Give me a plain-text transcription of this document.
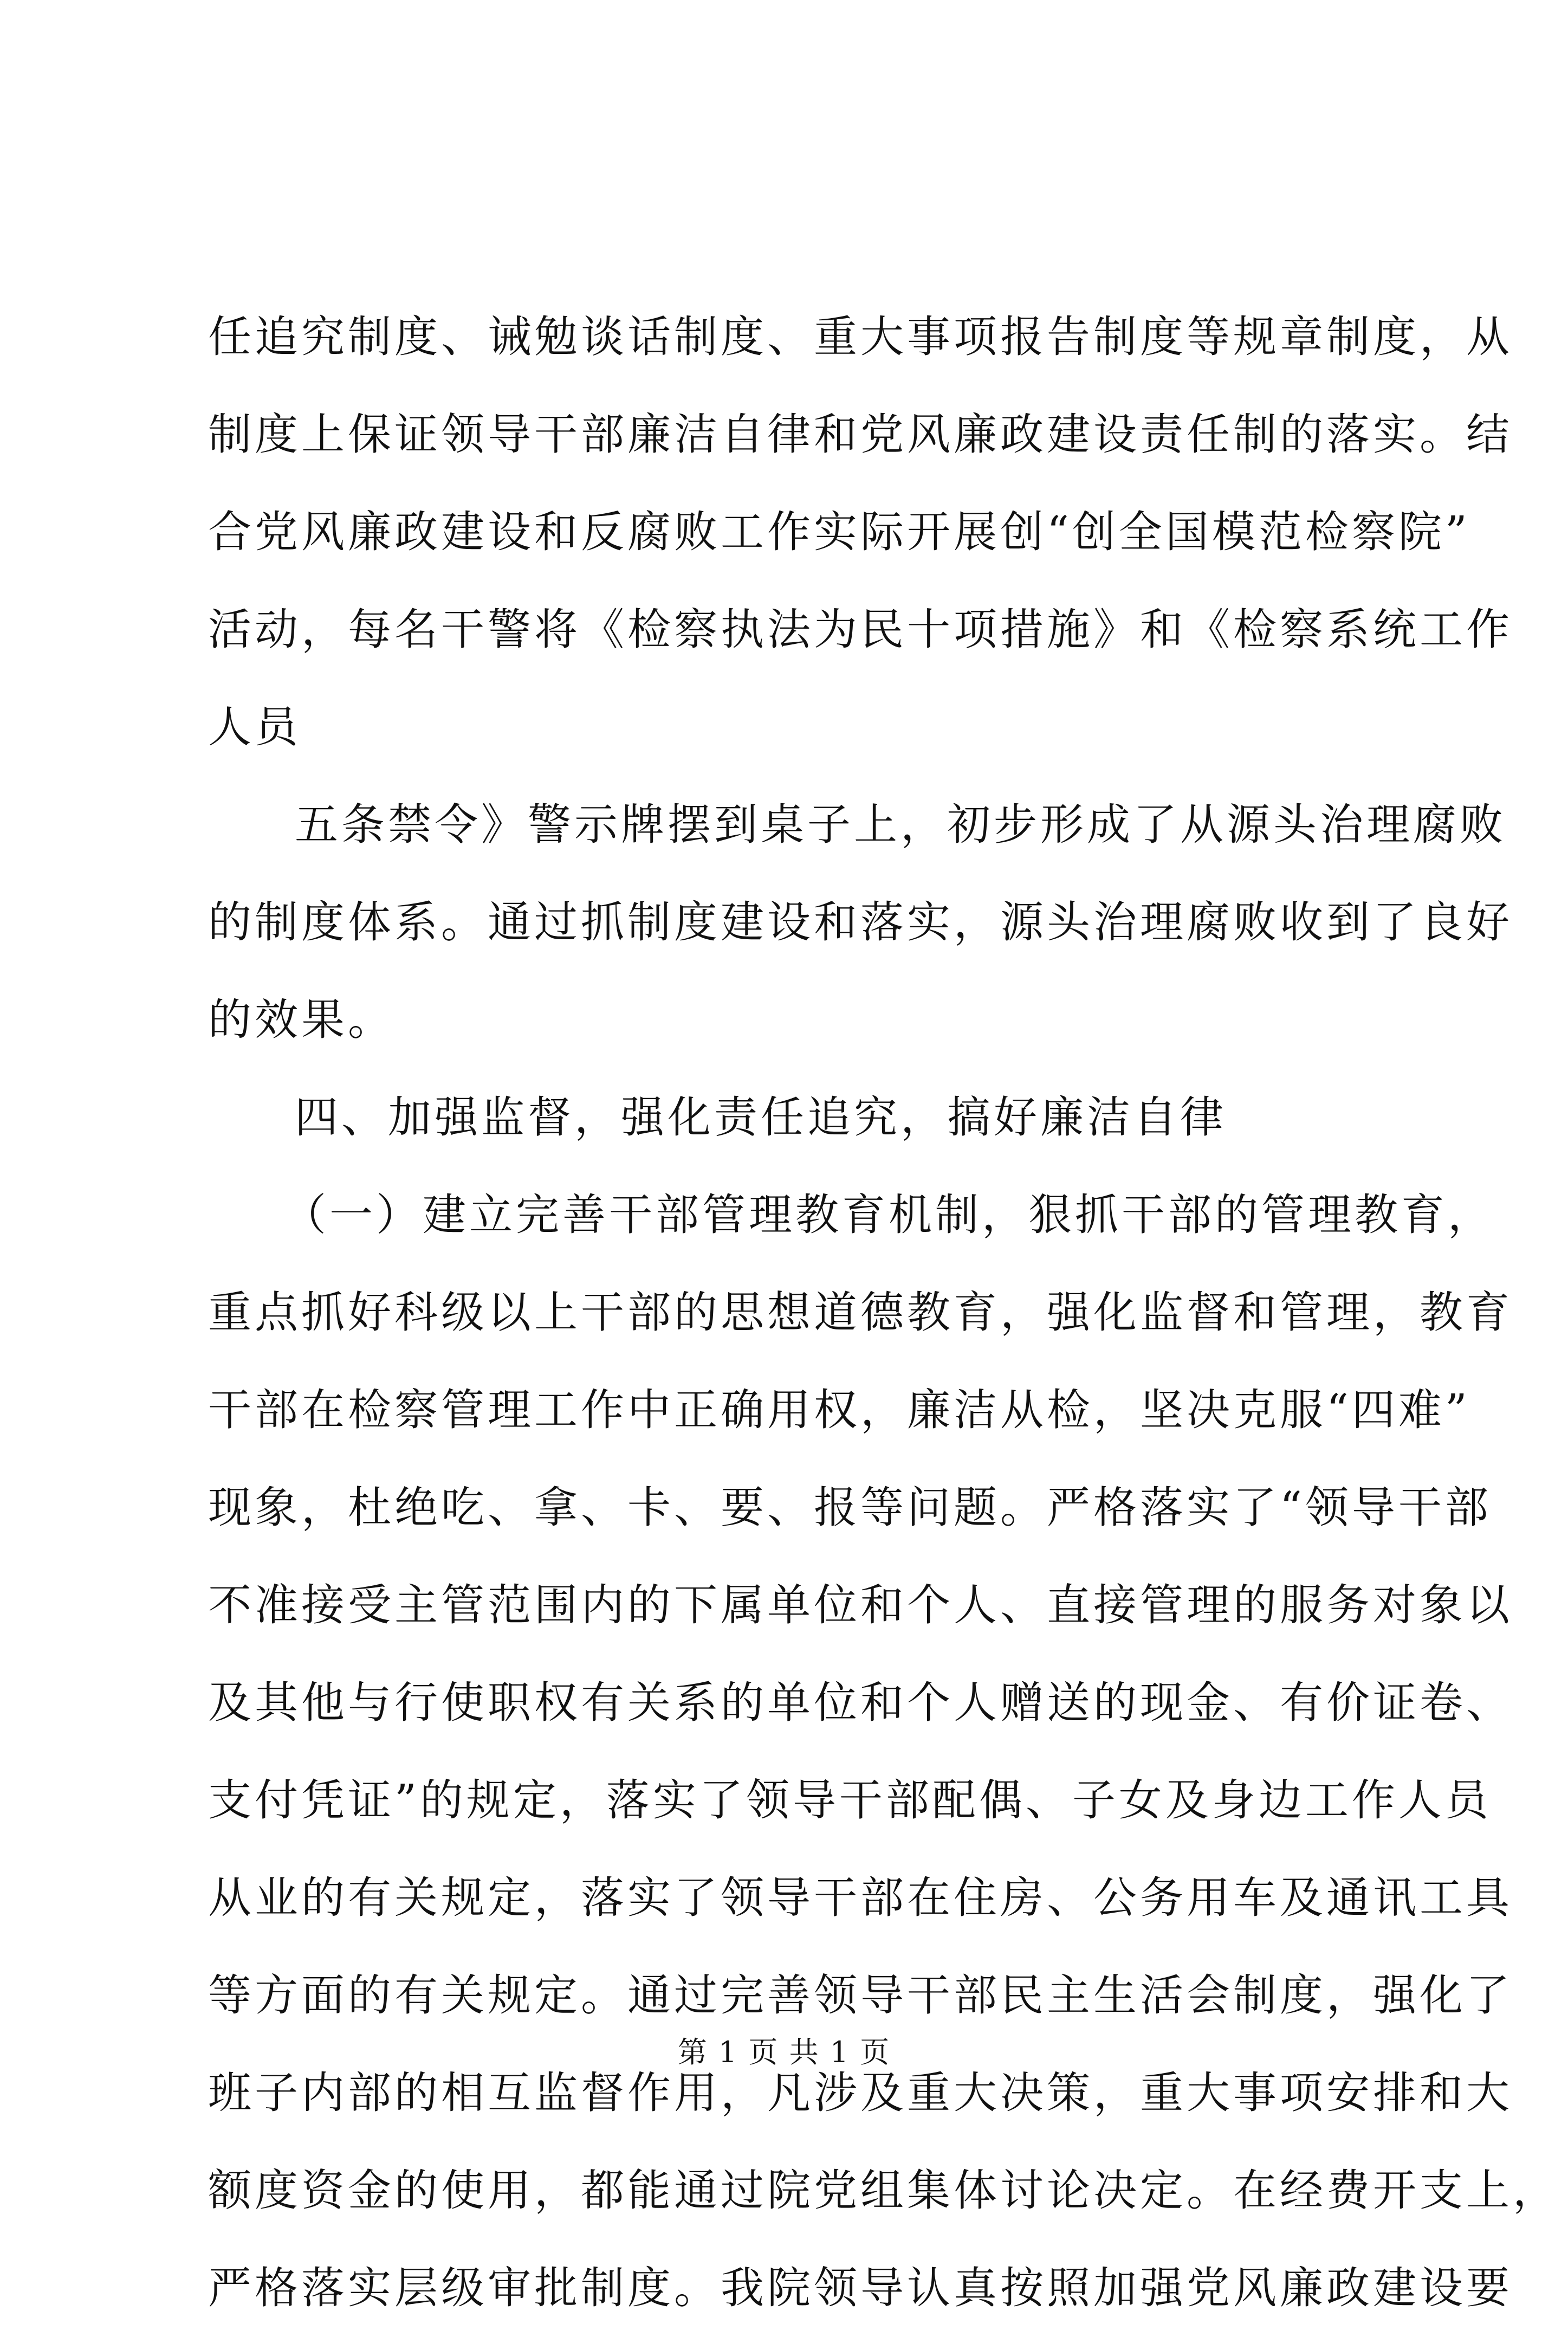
任追究制度、诫勉谈话制度、重大事项报告制度等规章制度，从
制度上保证领导干部廉洁自律和党风廉政建设责任制的落实。结
合党风廉政建设和反腐败工作实际开展创“创全国模范检察院”
活动，每名干警将《检察执法为民十项措施》和《检察系统工作
人员
五条禁令》警示牌摆到桌子上，初步形成了从源头治理腐败
的制度体系。通过抓制度建设和落实，源头治理腐败收到了良好
的效果。
四、加强监督，强化责任追究，搞好廉洁自律
（一）建立完善干部管理教育机制，狠抓干部的管理教育，
重点抓好科级以上干部的思想道德教育，强化监督和管理，教育
干部在检察管理工作中正确用权，廉洁从检，坚决克服“四难”
现象，杜绝吃、拿、卡、要、报等问题。严格落实了“领导干部
不准接受主管范围内的下属单位和个人、直接管理的服务对象以
及其他与行使职权有关系的单位和个人赠送的现金、有价证卷、
支付凭证”的规定，落实了领导干部配偶、子女及身边工作人员
从业的有关规定，落实了领导干部在住房、公务用车及通讯工具
等方面的有关规定。通过完善领导干部民主生活会制度，强化了
班子内部的相互监督作用，凡涉及重大决策，重大事项安排和大
额度资金的使用，都能通过院党组集体讨论决定。在经费开支上，
严格落实层级审批制度。我院领导认真按照加强党风廉政建设要
第 1 页 共 1 页
